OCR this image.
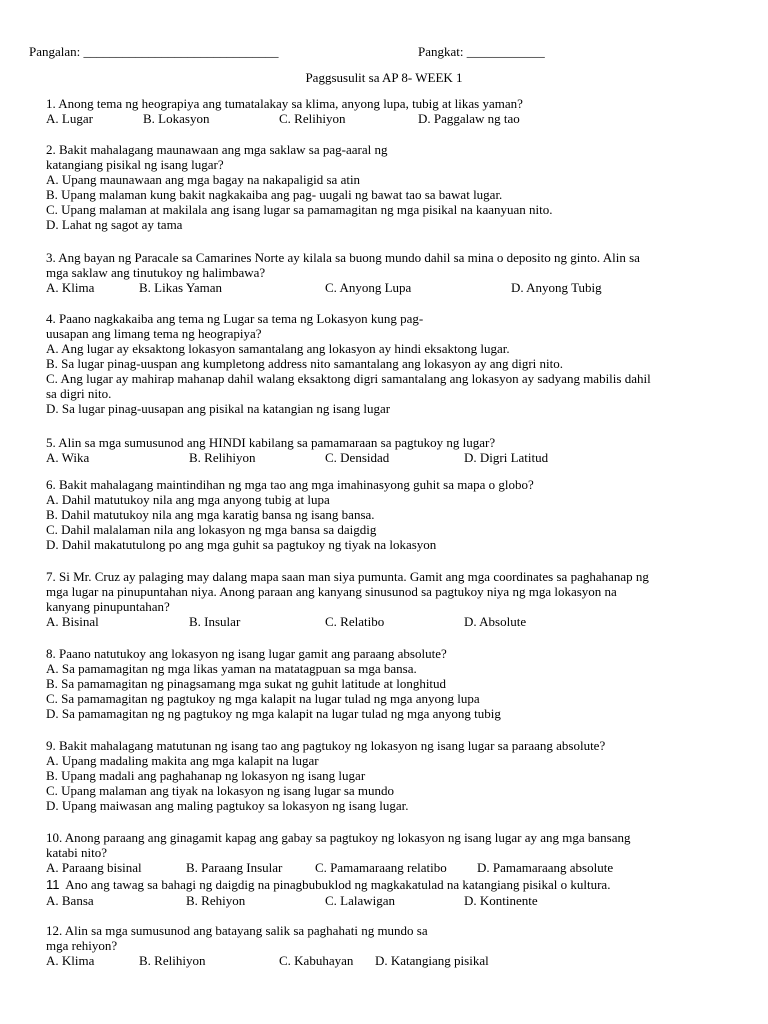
Pangalan: ______________________________	Pangkat: ____________
Paggsusulit sa AP 8- WEEK 1
1. Anong tema ng heograpiya ang tumatalakay sa klima, anyong lupa, tubig at likas yaman?
A. Lugar	B. Lokasyon	C. Relihiyon	D. Paggalaw ng tao
2. Bakit mahalagang maunawaan ang mga saklaw sa pag-aaral ng
katangiang pisikal ng isang lugar?
A. Upang maunawaan ang mga bagay na nakapaligid sa atin
B. Upang malaman kung bakit nagkakaiba ang pag- uugali ng bawat tao sa bawat lugar.
C. Upang malaman at makilala ang isang lugar sa pamamagitan ng mga pisikal na kaanyuan nito.
D. Lahat ng sagot ay tama
3. Ang bayan ng Paracale sa Camarines Norte ay kilala sa buong mundo dahil sa mina o deposito ng ginto. Alin sa
mga saklaw ang tinutukoy ng halimbawa?
A. Klima	B. Likas Yaman	C. Anyong Lupa	D. Anyong Tubig
4. Paano nagkakaiba ang tema ng Lugar sa tema ng Lokasyon kung pag-
uusapan ang limang tema ng heograpiya?
A. Ang lugar ay eksaktong lokasyon samantalang ang lokasyon ay hindi eksaktong lugar.
B. Sa lugar pinag-uuspan ang kumpletong address nito samantalang ang lokasyon ay ang digri nito.
C. Ang lugar ay mahirap mahanap dahil walang eksaktong digri samantalang ang lokasyon ay sadyang mabilis dahil
sa digri nito.
D. Sa lugar pinag-uusapan ang pisikal na katangian ng isang lugar
5. Alin sa mga sumusunod ang HINDI kabilang sa pamamaraan sa pagtukoy ng lugar?
A. Wika	B. Relihiyon	C. Densidad	D. Digri Latitud
6. Bakit mahalagang maintindihan ng mga tao ang mga imahinasyong guhit sa mapa o globo?
A. Dahil matutukoy nila ang mga anyong tubig at lupa
B. Dahil matutukoy nila ang mga karatig bansa ng isang bansa.
C. Dahil malalaman nila ang lokasyon ng mga bansa sa daigdig
D. Dahil makatutulong po ang mga guhit sa pagtukoy ng tiyak na lokasyon
7. Si Mr. Cruz ay palaging may dalang mapa saan man siya pumunta. Gamit ang mga coordinates sa paghahanap ng
mga lugar na pinupuntahan niya. Anong paraan ang kanyang sinusunod sa pagtukoy niya ng mga lokasyon na
kanyang pinupuntahan?
A. Bisinal	B. Insular	C. Relatibo	D. Absolute
8. Paano natutukoy ang lokasyon ng isang lugar gamit ang paraang absolute?
A. Sa pamamagitan ng mga likas yaman na matatagpuan sa mga bansa.
B. Sa pamamagitan ng pinagsamang mga sukat ng guhit latitude at longhitud
C. Sa pamamagitan ng pagtukoy ng mga kalapit na lugar tulad ng mga anyong lupa
D. Sa pamamagitan ng ng pagtukoy ng mga kalapit na lugar tulad ng mga anyong tubig
9. Bakit mahalagang matutunan ng isang tao ang pagtukoy ng lokasyon ng isang lugar sa paraang absolute?
A. Upang madaling makita ang mga kalapit na lugar
B. Upang madali ang paghahanap ng lokasyon ng isang lugar
C. Upang malaman ang tiyak na lokasyon ng isang lugar sa mundo
D. Upang maiwasan ang maling pagtukoy sa lokasyon ng isang lugar.
10. Anong paraang ang ginagamit kapag ang gabay sa pagtukoy ng lokasyon ng isang lugar ay ang mga bansang
katabi nito?
A. Paraang bisinal	B. Paraang Insular	C. Pamamaraang relatibo D. Pamamaraang absolute
11 Ano ang tawag sa bahagi ng daigdig na pinagbubuklod ng magkakatulad na katangiang pisikal o kultura.
A. Bansa	B. Rehiyon	C. Lalawigan	D. Kontinente
12. Alin sa mga sumusunod ang batayang salik sa paghahati ng mundo sa
mga rehiyon?
A. Klima	B. Relihiyon	C. Kabuhayan D. Katangiang pisikal
